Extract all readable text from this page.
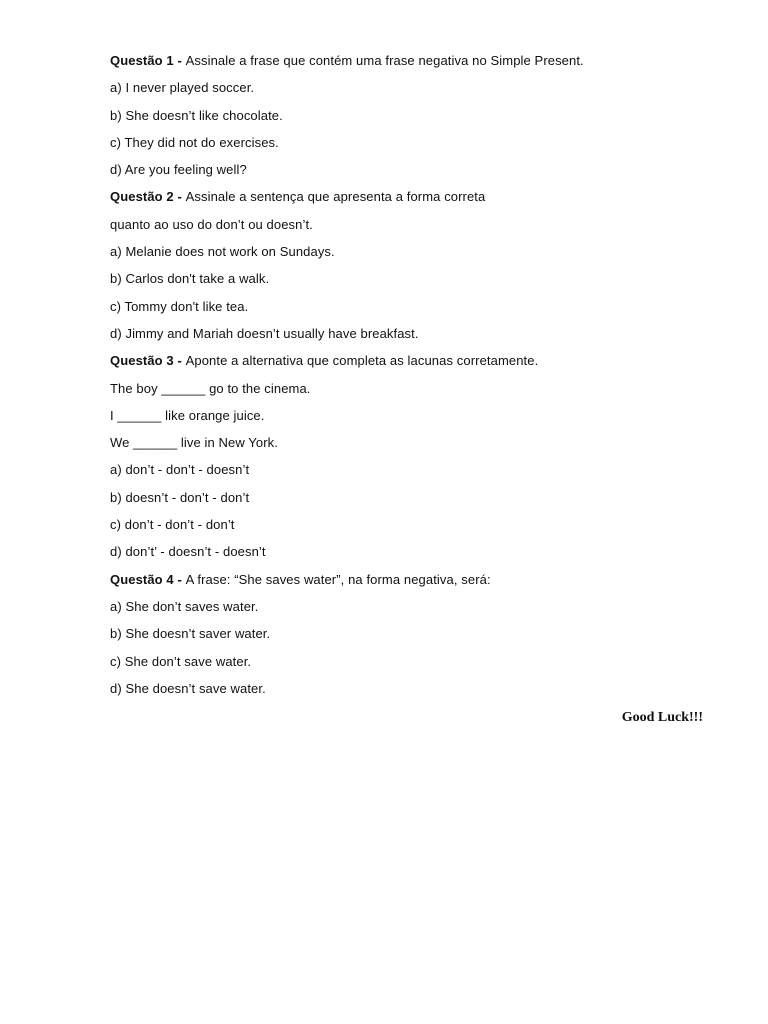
Questão 1 - Assinale a frase que contém uma frase negativa no Simple Present.
a) I never played soccer.
b) She doesn’t like chocolate.
c) They did not do exercises.
d) Are you feeling well?
Questão 2 - Assinale a sentença que apresenta a forma correta
quanto ao uso do don’t ou doesn’t.
a) Melanie does not work on Sundays.
b) Carlos don't take a walk.
c) Tommy don't like tea.
d) Jimmy and Mariah doesn’t usually have breakfast.
Questão 3 - Aponte a alternativa que completa as lacunas corretamente.
The boy ______ go to the cinema.
I ______ like orange juice.
We ______ live in New York.
a) don’t - don’t - doesn’t
b) doesn’t - don’t - don’t
c) don’t - don’t - don’t
d) don’t’ - doesn’t - doesn’t
Questão 4 - A frase: “She saves water”, na forma negativa, será:
a) She don’t saves water.
b) She doesn’t saver water.
c) She don’t save water.
d) She doesn’t save water.
Good Luck!!!
